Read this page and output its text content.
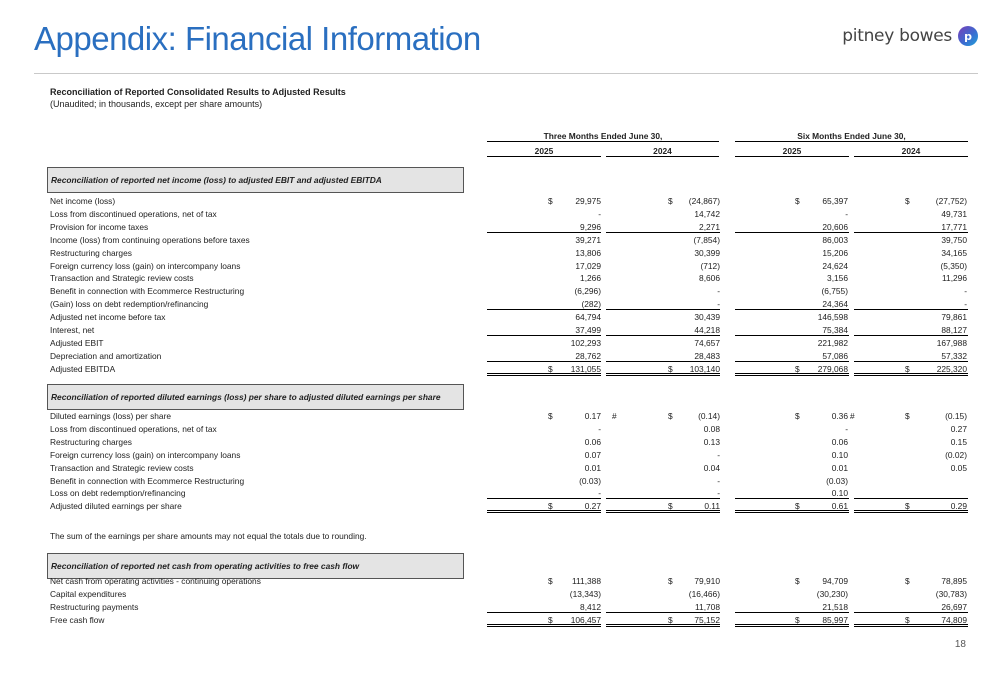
Appendix: Financial Information	pitney bowes	p
Reconciliation of Reported Consolidated Results to Adjusted Results
(Unaudited; in thousands, except per share amounts)
Three Months Ended June 30,	Six Months Ended June 30,
2025	2024	2025	2024
Reconciliation of reported net income (loss) to adjusted EBIT and adjusted EBITDA
Net income (loss)	$	29,975	$	(24,867)	$	65,397	$	(27,752)
Loss from discontinued operations, net of tax	-	14,742	-	49,731
Provision for income taxes	9,296	2,271	20,606	17,771
Income (loss) from continuing operations before taxes	39,271	(7,854)	86,003	39,750
Restructuring charges	13,806	30,399	15,206	34,165
Foreign currency loss (gain) on intercompany loans	17,029	(712)	24,624	(5,350)
Transaction and Strategic review costs	1,266	8,606	3,156	11,296
Benefit in connection with Ecommerce Restructuring	(6,296)	-	(6,755)	-
(Gain) loss on debt redemption/refinancing	(282)	-	24,364	-
Adjusted net income before tax	64,794	30,439	146,598	79,861
Interest, net	37,499	44,218	75,384	88,127
Adjusted EBIT	102,293	74,657	221,982	167,988
Depreciation and amortization	28,762	28,483	57,086	57,332
Adjusted EBITDA	$	131,055	$	103,140	$	279,068	$	225,320
Reconciliation of reported diluted earnings (loss) per share to adjusted diluted earnings per share
Diluted earnings (loss) per share	$	0.17	$	(0.14)	$	0.36	$	(0.15)
#	#
Loss from discontinued operations, net of tax	-	0.08	-	0.27
Restructuring charges	0.06	0.13	0.06	0.15
Foreign currency loss (gain) on intercompany loans	0.07	-	0.10	(0.02)
Transaction and Strategic review costs	0.01	0.04	0.01	0.05
Benefit in connection with Ecommerce Restructuring	(0.03)	-	(0.03)
Loss on debt redemption/refinancing	-	-	0.10
Adjusted diluted earnings per share	$	0.27	$	0.11	$	0.61	$	0.29
Reconciliation of reported net cash from operating activities to free cash flow
Net cash from operating activities - continuing operations	$	111,388	$	79,910	$	94,709	$	78,895
Capital expenditures	(13,343)	(16,466)	(30,230)	(30,783)
Restructuring payments	8,412	11,708	21,518	26,697
Free cash flow	$	106,457	$	75,152	$	85,997	$	74,809
The sum of the earnings per share amounts may not equal the totals due to rounding.
18
